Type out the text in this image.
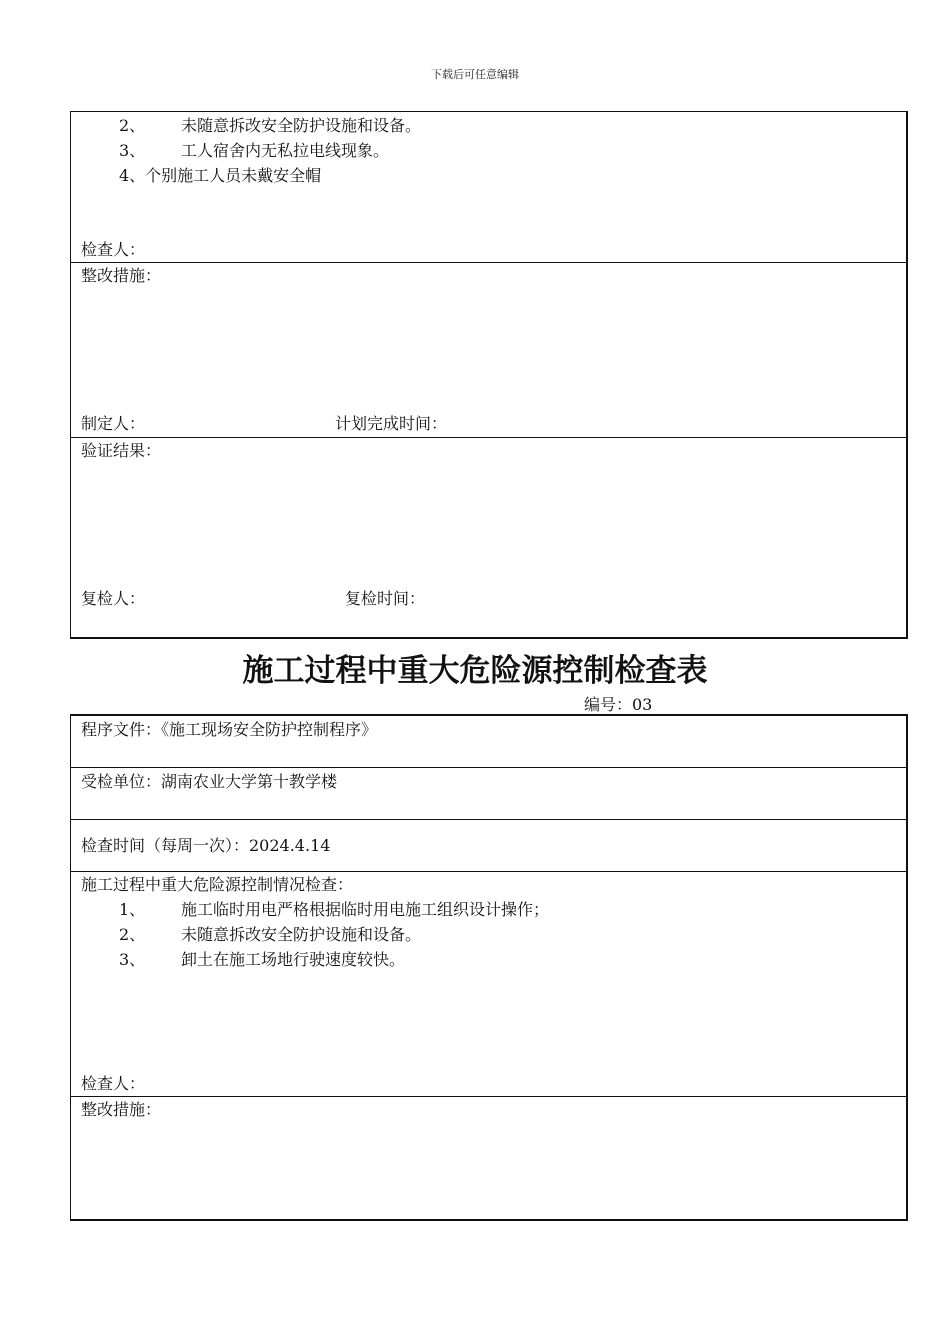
下载后可任意编辑
2、 未随意拆改安全防护设施和设备。
3、 工人宿舍内无私拉电线现象。
4、个别施工人员未戴安全帽
检查人：
整改措施：
制定人：	计划完成时间：
验证结果：
复检人：	复检时间：
施工过程中重大危险源控制检查表
编号：03
程序文件：《施工现场安全防护控制程序》
受检单位：湖南农业大学第十教学楼
检查时间（每周一次）：2024.4.14
施工过程中重大危险源控制情况检查：
1、 施工临时用电严格根据临时用电施工组织设计操作；
2、 未随意拆改安全防护设施和设备。
3、 卸土在施工场地行驶速度较快。
检查人：
整改措施：
